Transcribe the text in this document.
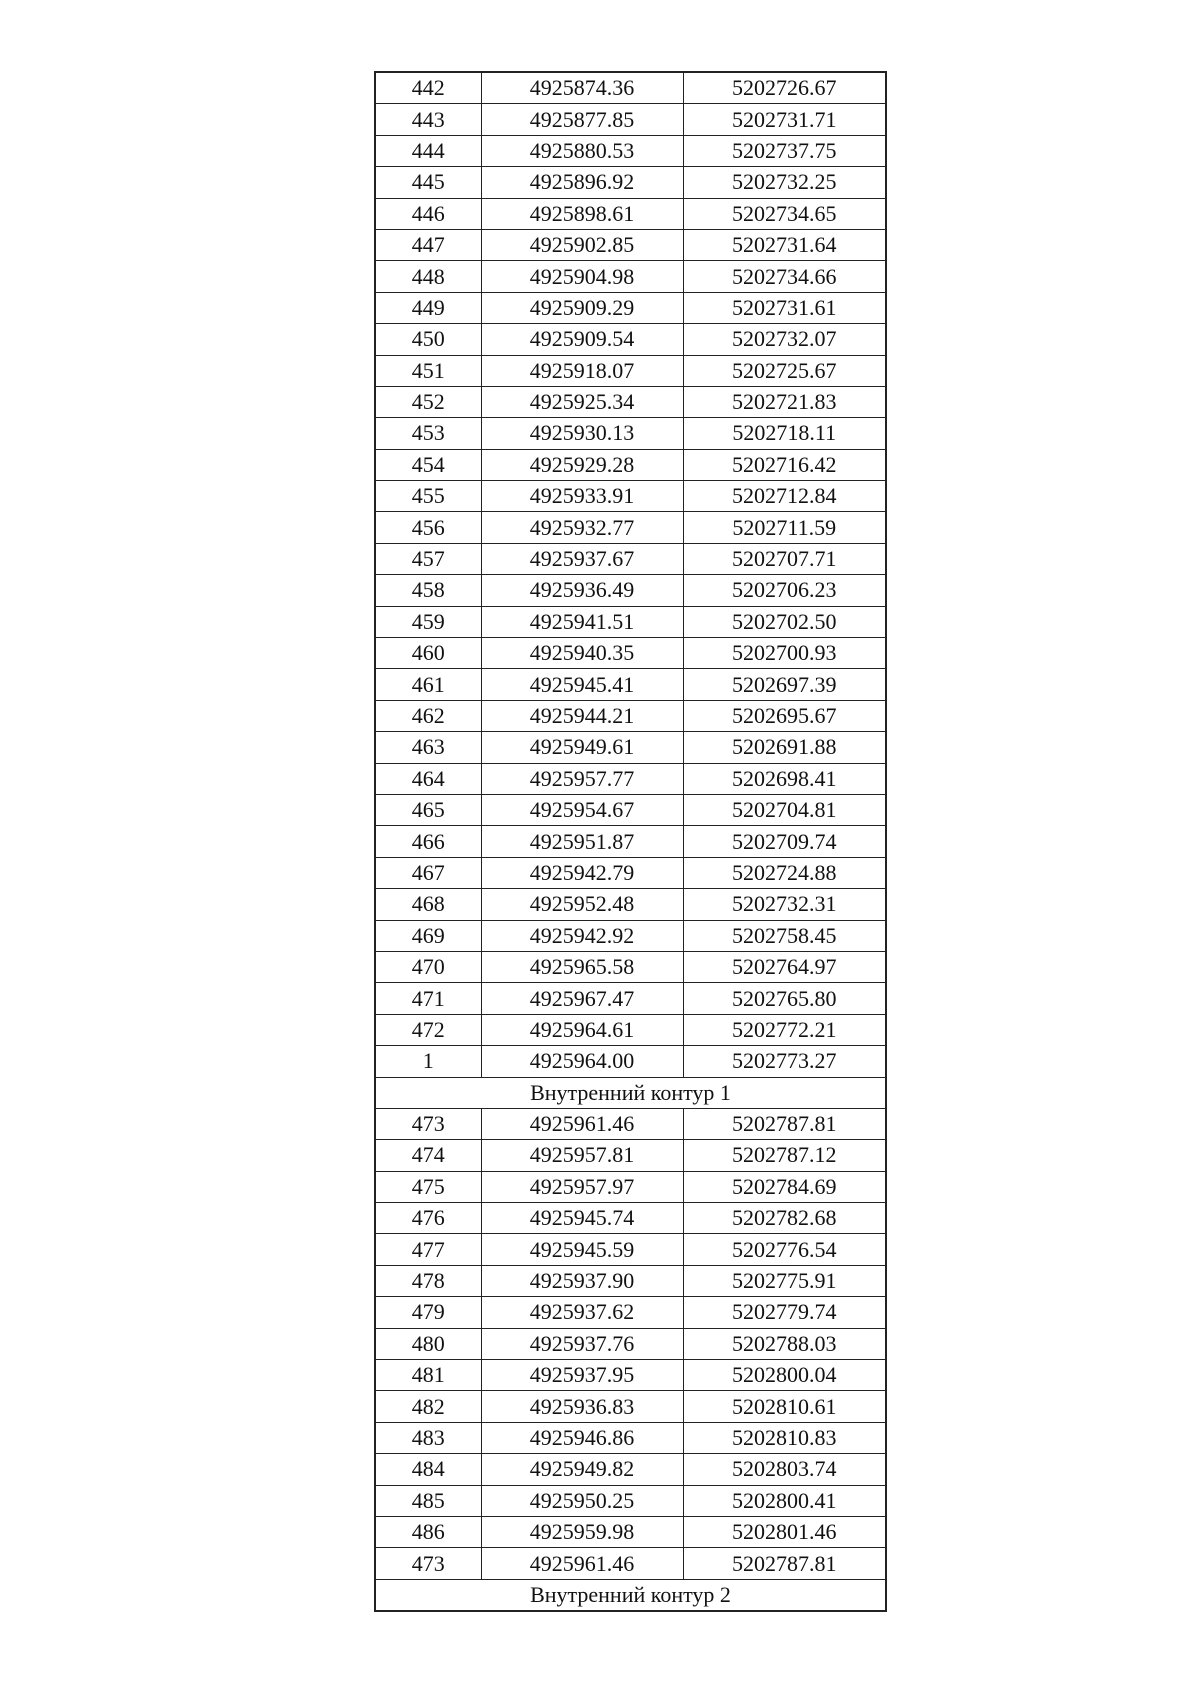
442	4925874.36	5202726.67
443	4925877.85	5202731.71
444	4925880.53	5202737.75
445	4925896.92	5202732.25
446	4925898.61	5202734.65
447	4925902.85	5202731.64
448	4925904.98	5202734.66
449	4925909.29	5202731.61
450	4925909.54	5202732.07
451	4925918.07	5202725.67
452	4925925.34	5202721.83
453	4925930.13	5202718.11
454	4925929.28	5202716.42
455	4925933.91	5202712.84
456	4925932.77	5202711.59
457	4925937.67	5202707.71
458	4925936.49	5202706.23
459	4925941.51	5202702.50
460	4925940.35	5202700.93
461	4925945.41	5202697.39
462	4925944.21	5202695.67
463	4925949.61	5202691.88
464	4925957.77	5202698.41
465	4925954.67	5202704.81
466	4925951.87	5202709.74
467	4925942.79	5202724.88
468	4925952.48	5202732.31
469	4925942.92	5202758.45
470	4925965.58	5202764.97
471	4925967.47	5202765.80
472	4925964.61	5202772.21
1	4925964.00	5202773.27
Внутренний контур 1		
473	4925961.46	5202787.81
474	4925957.81	5202787.12
475	4925957.97	5202784.69
476	4925945.74	5202782.68
477	4925945.59	5202776.54
478	4925937.90	5202775.91
479	4925937.62	5202779.74
480	4925937.76	5202788.03
481	4925937.95	5202800.04
482	4925936.83	5202810.61
483	4925946.86	5202810.83
484	4925949.82	5202803.74
485	4925950.25	5202800.41
486	4925959.98	5202801.46
473	4925961.46	5202787.81
Внутренний контур 2		
